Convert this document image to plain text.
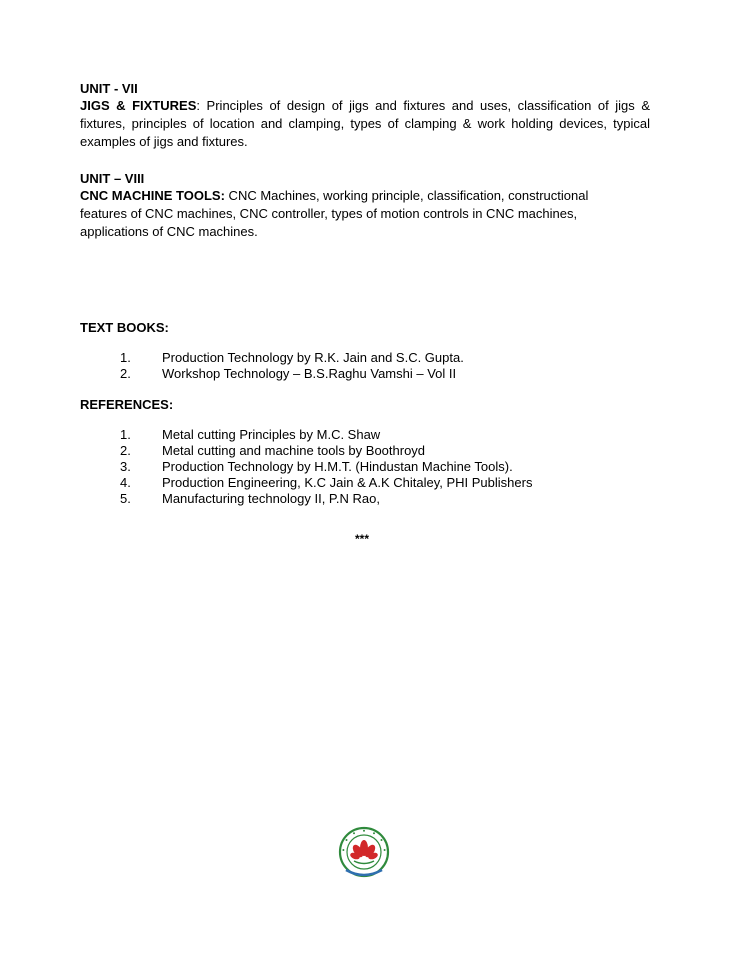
UNIT - VII
JIGS & FIXTURES: Principles of design of jigs and fixtures and uses, classification of jigs & fixtures, principles of location and clamping, types of clamping & work holding devices, typical examples of jigs and fixtures.
UNIT – VIII
CNC MACHINE TOOLS: CNC Machines, working principle, classification, constructional
features of CNC machines, CNC controller, types of motion controls in CNC machines,
applications of CNC machines.
TEXT BOOKS:
1.	Production Technology by R.K. Jain and S.C. Gupta.
2.	Workshop Technology – B.S.Raghu Vamshi – Vol II
REFERENCES:
1.	Metal cutting Principles by M.C. Shaw
2.	Metal cutting and machine tools by Boothroyd
3.	Production Technology by H.M.T. (Hindustan Machine Tools).
4.	Production Engineering, K.C Jain & A.K Chitaley, PHI Publishers
5.	Manufacturing technology II, P.N Rao,
***
